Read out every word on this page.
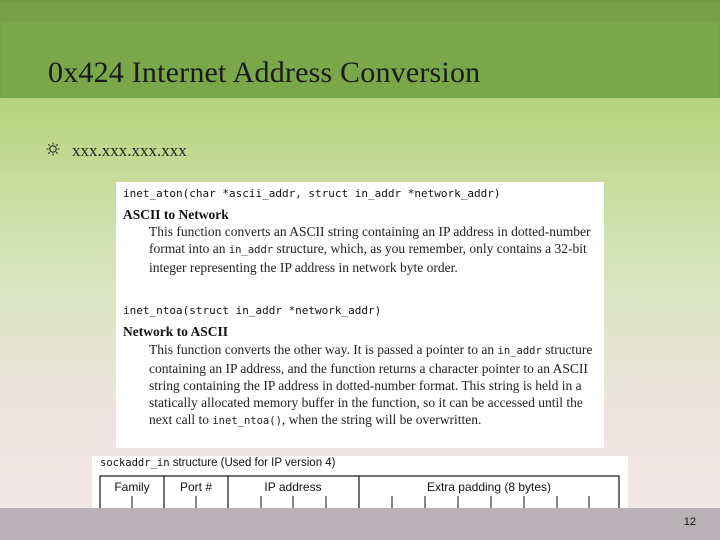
0x424 Internet Address Conversion
xxx.xxx.xxx.xxx
inet_aton(char *ascii_addr, struct in_addr *network_addr)
ASCII to Network
This function converts an ASCII string containing an IP address in dotted-number format into an in_addr structure, which, as you remember, only contains a 32-bit integer representing the IP address in network byte order.
inet_ntoa(struct in_addr *network_addr)
Network to ASCII
This function converts the other way. It is passed a pointer to an in_addr structure containing an IP address, and the function returns a character pointer to an ASCII string containing the IP address in dotted-number format. This string is held in a statically allocated memory buffer in the function, so it can be accessed until the next call to inet_ntoa(), when the string will be overwritten.
sockaddr_in structure (Used for IP version 4)
Family	Port #	IP address	Extra padding (8 bytes)
12
